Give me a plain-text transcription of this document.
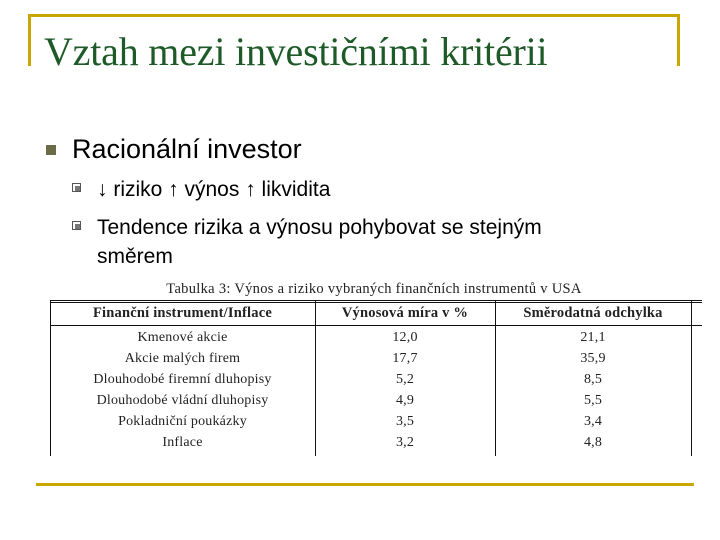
Vztah mezi investičními kritérii
Racionální investor
↓ riziko ↑ výnos ↑ likvidita
Tendence rizika a výnosu pohybovat se stejným
směrem
Tabulka 3: Výnos a riziko vybraných finančních instrumentů v USA
Finanční instrument/Inflace	Výnosová míra v %	Směrodatná odchylka
Kmenové akcie	12,0	21,1
Akcie malých firem	17,7	35,9
Dlouhodobé firemní dluhopisy	5,2	8,5
Dlouhodobé vládní dluhopisy	4,9	5,5
Pokladniční poukázky	3,5	3,4
Inflace	3,2	4,8
